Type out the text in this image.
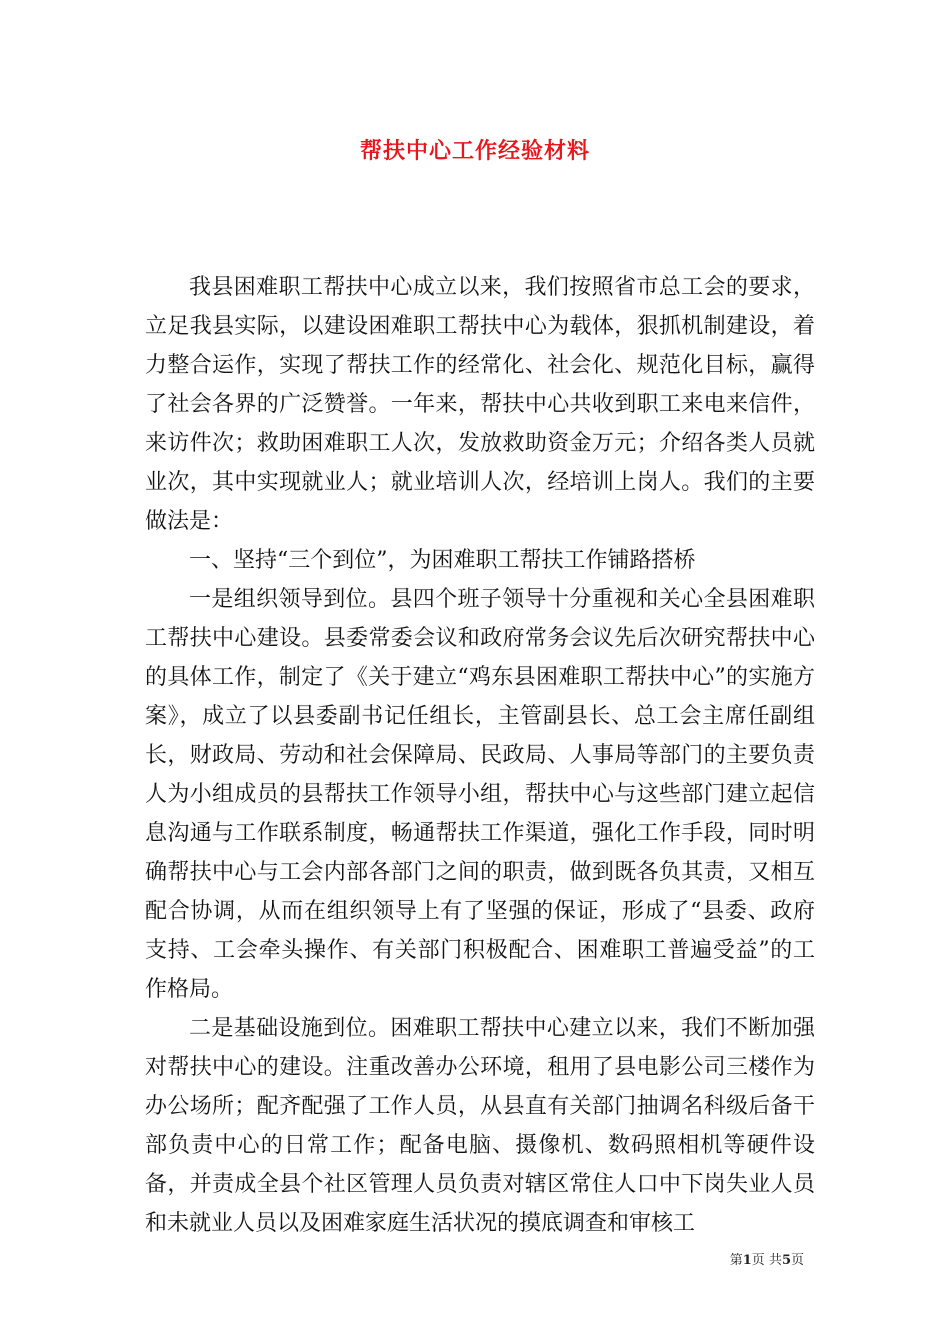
帮扶中心工作经验材料

我县困难职工帮扶中心成立以来，我们按照省市总工会的要求，立足我县实际，以建设困难职工帮扶中心为载体，狠抓机制建设，着力整合运作，实现了帮扶工作的经常化、社会化、规范化目标，赢得了社会各界的广泛赞誉。一年来，帮扶中心共收到职工来电来信件，来访件次；救助困难职工人次，发放救助资金万元；介绍各类人员就业次，其中实现就业人；就业培训人次，经培训上岗人。我们的主要做法是：

一、坚持“三个到位”，为困难职工帮扶工作铺路搭桥

一是组织领导到位。县四个班子领导十分重视和关心全县困难职工帮扶中心建设。县委常委会议和政府常务会议先后次研究帮扶中心的具体工作，制定了《关于建立“鸡东县困难职工帮扶中心”的实施方案》，成立了以县委副书记任组长，主管副县长、总工会主席任副组长，财政局、劳动和社会保障局、民政局、人事局等部门的主要负责人为小组成员的县帮扶工作领导小组，帮扶中心与这些部门建立起信息沟通与工作联系制度，畅通帮扶工作渠道，强化工作手段，同时明确帮扶中心与工会内部各部门之间的职责，做到既各负其责，又相互配合协调，从而在组织领导上有了坚强的保证，形成了“县委、政府支持、工会牵头操作、有关部门积极配合、困难职工普遍受益”的工作格局。

二是基础设施到位。困难职工帮扶中心建立以来，我们不断加强对帮扶中心的建设。注重改善办公环境，租用了县电影公司三楼作为办公场所；配齐配强了工作人员，从县直有关部门抽调名科级后备干部负责中心的日常工作；配备电脑、摄像机、数码照相机等硬件设备，并责成全县个社区管理人员负责对辖区常住人口中下岗失业人员和未就业人员以及困难家庭生活状况的摸底调查和审核工

第1页 共5页
